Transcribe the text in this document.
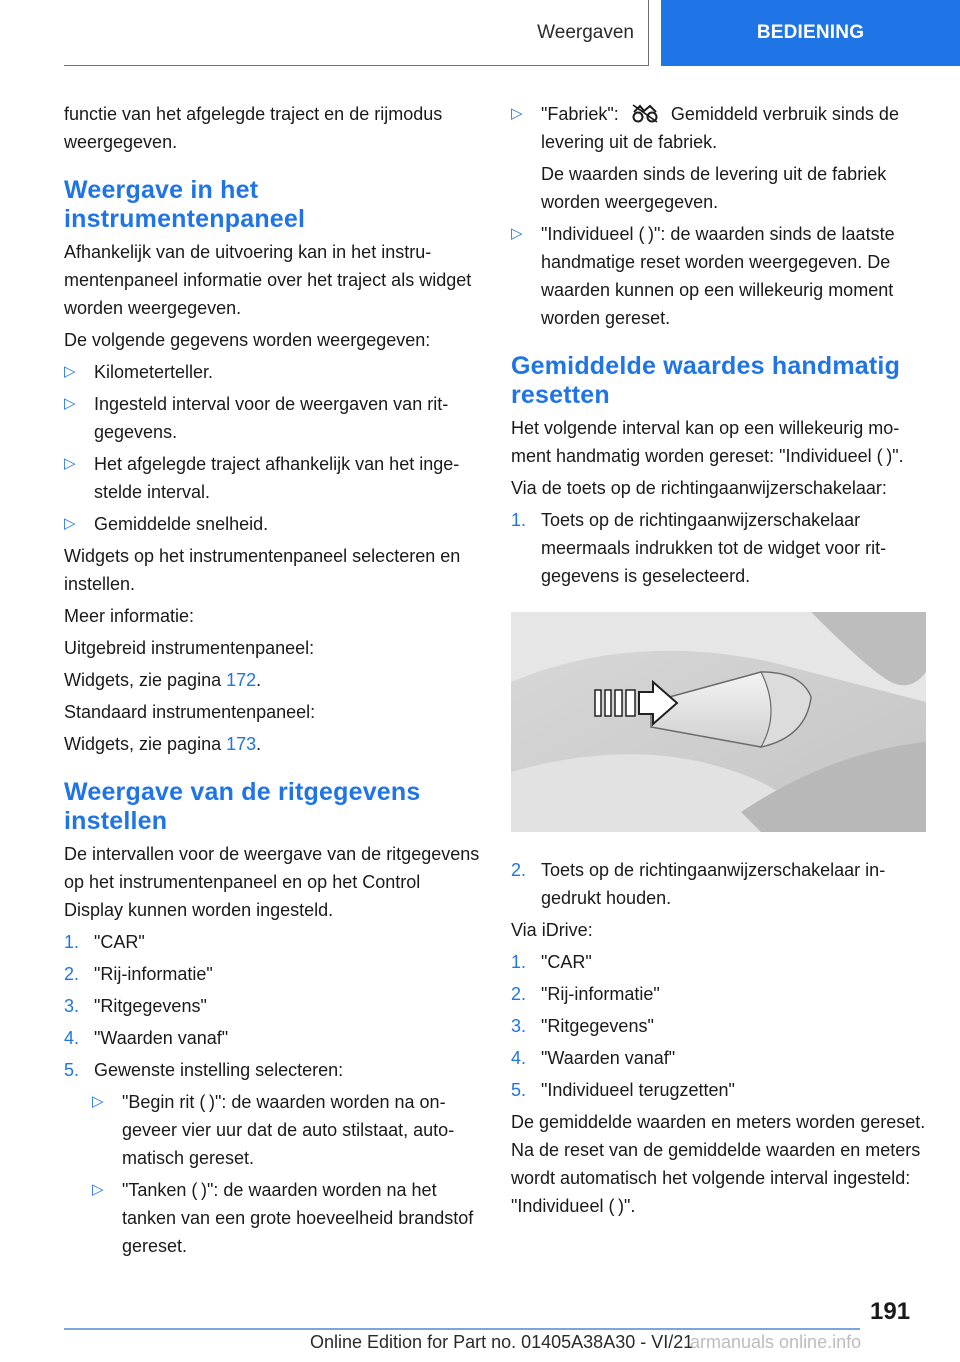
Weergaven	BEDIENING

functie van het afgelegde traject en de rijmodus weergegeven.

Weergave in het instrumentenpaneel

Afhankelijk van de uitvoering kan in het instrumentenpaneel informatie over het traject als widget worden weergegeven.

De volgende gegevens worden weergegeven:

▷ Kilometerteller.
▷ Ingesteld interval voor de weergaven van ritgegevens.
▷ Het afgelegde traject afhankelijk van het ingestelde interval.
▷ Gemiddelde snelheid.

Widgets op het instrumentenpaneel selecteren en instellen.

Meer informatie:

Uitgebreid instrumentenpaneel:

Widgets, zie pagina 172.

Standaard instrumentenpaneel:

Widgets, zie pagina 173.

Weergave van de ritgegevens instellen

De intervallen voor de weergave van de ritgegevens op het instrumentenpaneel en op het Control Display kunnen worden ingesteld.

1. "CAR"
2. "Rij-informatie"
3. "Ritgegevens"
4. "Waarden vanaf"
5. Gewenste instelling selecteren:
▷ "Begin rit ( )": de waarden worden na ongeveer vier uur dat de auto stilstaat, automatisch gereset.
▷ "Tanken ( )": de waarden worden na het tanken van een grote hoeveelheid brandstof gereset.
▷ "Fabriek":	Gemiddeld verbruik sinds de levering uit de fabriek.

De waarden sinds de levering uit de fabriek worden weergegeven.

▷ "Individueel ( )": de waarden sinds de laatste handmatige reset worden weergegeven. De waarden kunnen op een willekeurig moment worden gereset.
Gemiddelde waardes handmatig resetten

Het volgende interval kan op een willekeurig moment handmatig worden gereset: "Individueel ( )".

Via de toets op de richtingaanwijzerschakelaar:

1. Toets op de richtingaanwijzerschakelaar meermaals indrukken tot de widget voor ritgegevens is geselecteerd.
2. Toets op de richtingaanwijzerschakelaar ingedrukt houden.

Via iDrive:

1. "CAR"
2. "Rij-informatie"
3. "Ritgegevens"
4. "Waarden vanaf"
5. "Individueel terugzetten"

De gemiddelde waarden en meters worden gereset. Na de reset van de gemiddelde waarden en meters wordt automatisch het volgende interval ingesteld: "Individueel ( )".

191
Online Edition for Part no. 01405A38A30 - VI/21
armanuals online.info
